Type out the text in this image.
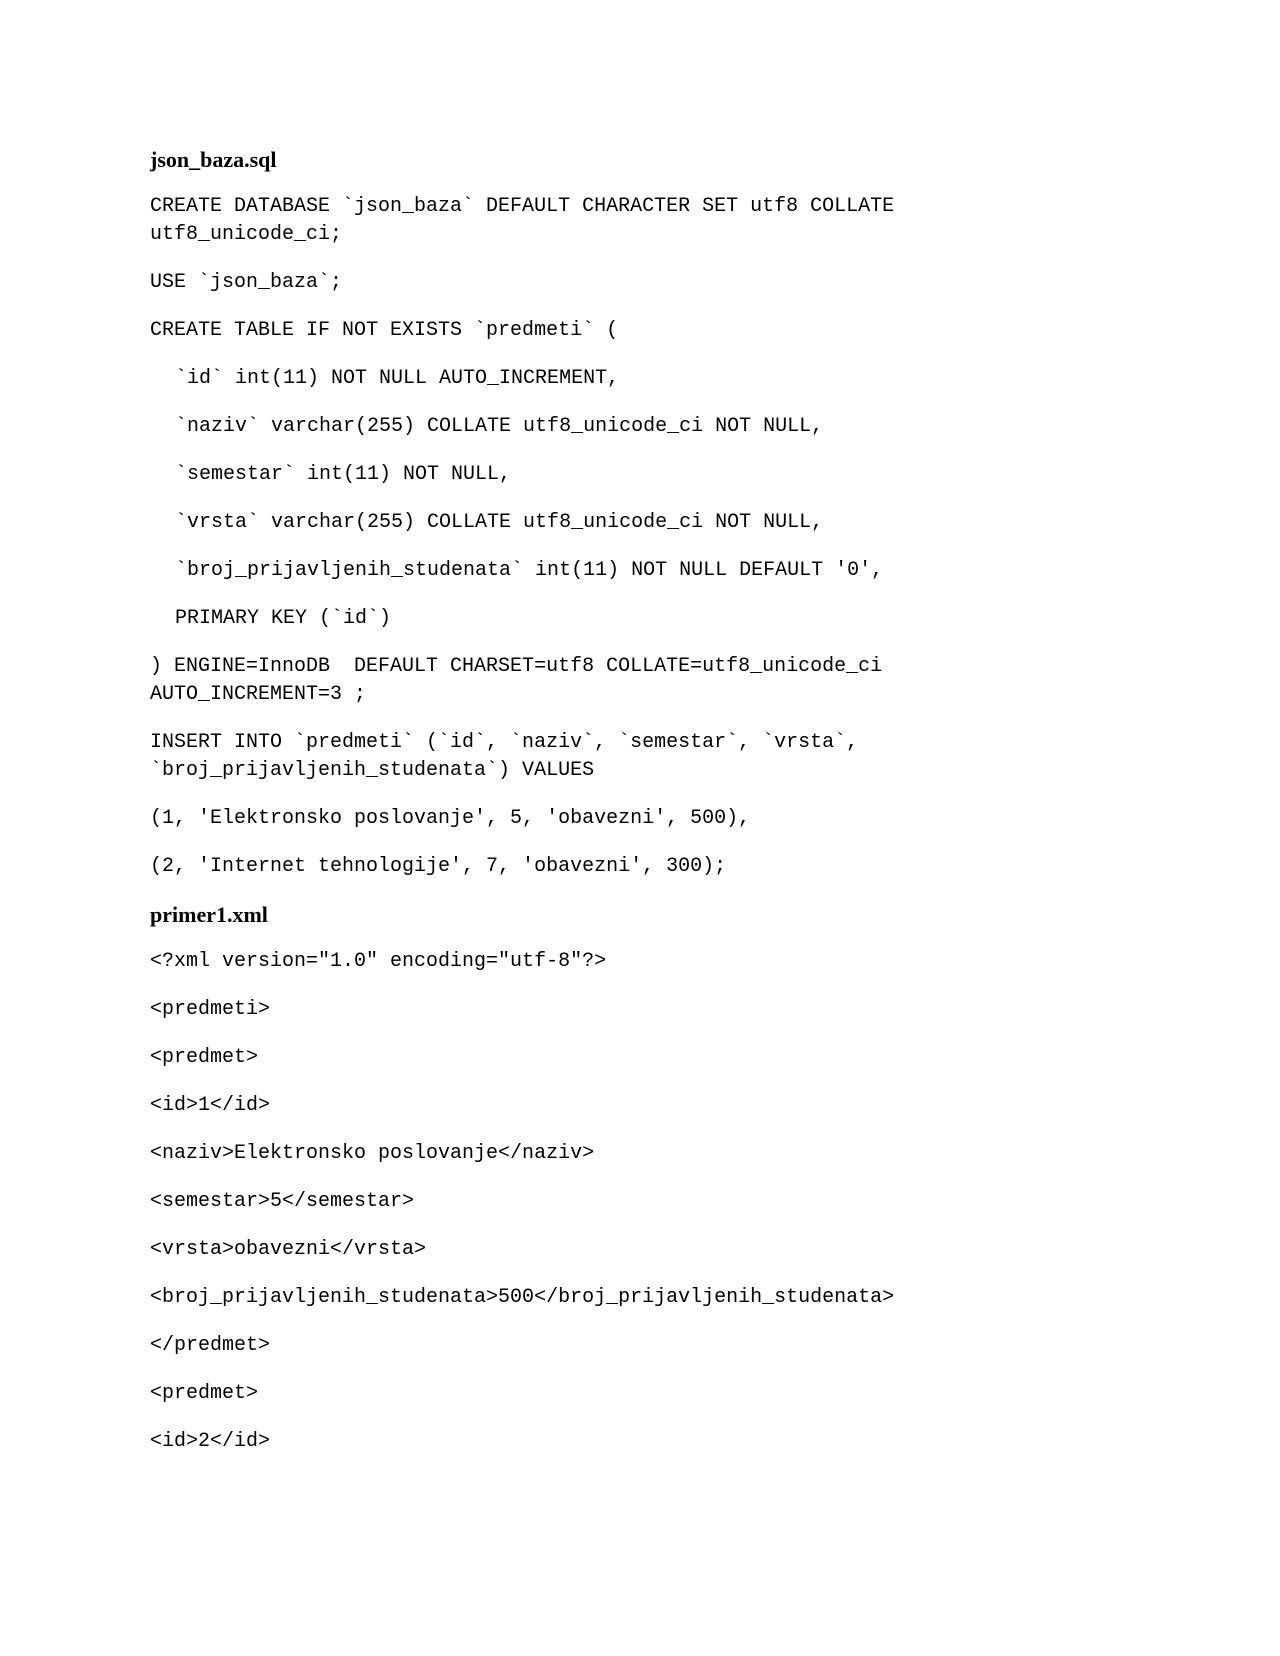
json_baza.sql
CREATE DATABASE `json_baza` DEFAULT CHARACTER SET utf8 COLLATE
utf8_unicode_ci;
USE `json_baza`;
CREATE TABLE IF NOT EXISTS `predmeti` (
`id` int(11) NOT NULL AUTO_INCREMENT,
`naziv` varchar(255) COLLATE utf8_unicode_ci NOT NULL,
`semestar` int(11) NOT NULL,
`vrsta` varchar(255) COLLATE utf8_unicode_ci NOT NULL,
`broj_prijavljenih_studenata` int(11) NOT NULL DEFAULT '0',
PRIMARY KEY (`id`)
) ENGINE=InnoDB  DEFAULT CHARSET=utf8 COLLATE=utf8_unicode_ci
AUTO_INCREMENT=3 ;
INSERT INTO `predmeti` (`id`, `naziv`, `semestar`, `vrsta`,
`broj_prijavljenih_studenata`) VALUES
(1, 'Elektronsko poslovanje', 5, 'obavezni', 500),
(2, 'Internet tehnologije', 7, 'obavezni', 300);
primer1.xml
<?xml version="1.0" encoding="utf-8"?>
<predmeti>
<predmet>
<id>1</id>
<naziv>Elektronsko poslovanje</naziv>
<semestar>5</semestar>
<vrsta>obavezni</vrsta>
<broj_prijavljenih_studenata>500</broj_prijavljenih_studenata>
</predmet>
<predmet>
<id>2</id>
